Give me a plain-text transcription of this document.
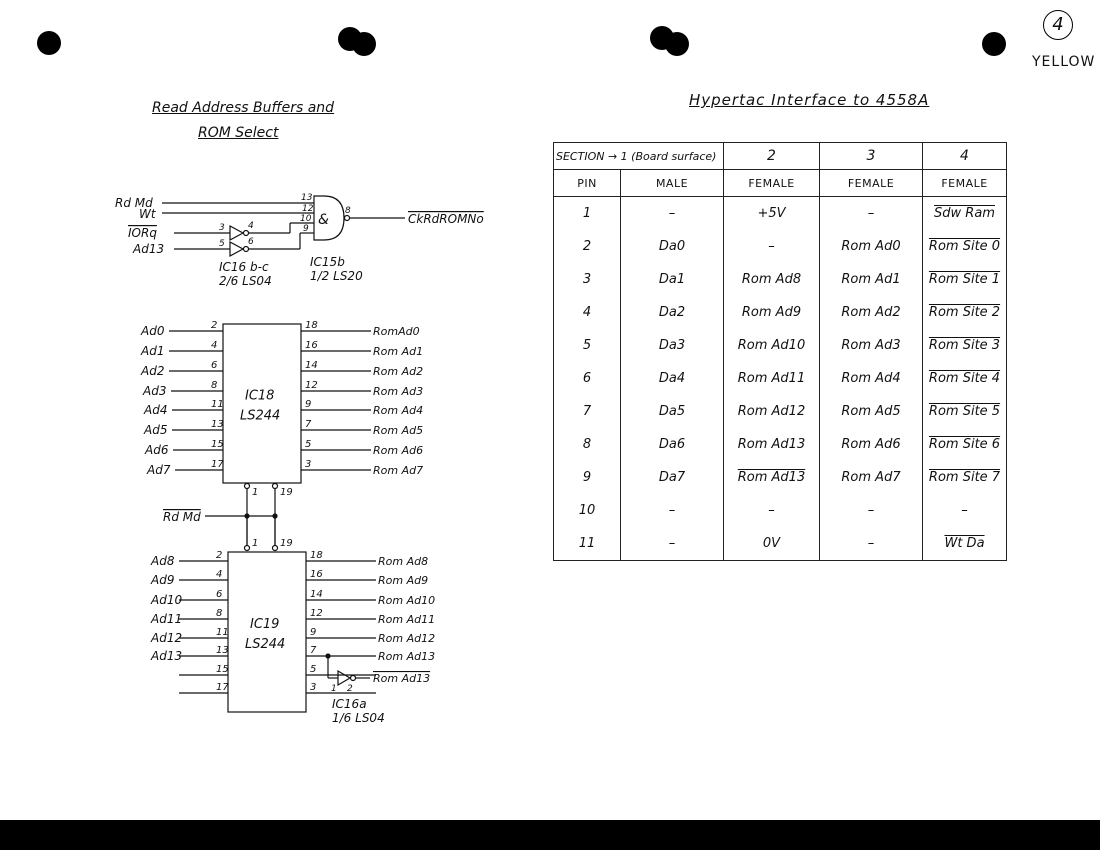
4
YELLOW
Read Address Buffers and
ROM Select
Hypertac Interface to 4558A
Rd Md
Wt
IORq
Ad13
&	CkRdROMNo
13
12
10
9
8
3	4
5	6
IC16 b-c
2/6 LS04
IC15b
1/2 LS20
IC18
LS244
Ad0	2	18	RomAd0
Ad1	4	16	Rom Ad1
Ad2	6	14	Rom Ad2
Ad3	8	12	Rom Ad3
Ad4	11	9	Rom Ad4
Ad5	13	7	Rom Ad5
Ad6	15	5	Rom Ad6
Ad7	17	3	Rom Ad7
1 19
Rd Md
1 19
IC19
LS244
Ad8	2	18	Rom Ad8
Ad9	4	16	Rom Ad9
Ad10	6	14	Rom Ad10
Ad11	8	12	Rom Ad11
Ad12	11	9	Rom Ad12
Ad13	13	7	Rom Ad13
15	5
17	3
Rom Ad13
1 2
IC16a
1/6 LS04
SECTION → 1 (Board surface)		2	3	4
PIN	MALE	FEMALE	FEMALE	FEMALE
1	–	+5V	–	Sdw Ram
2	Da0	–	Rom Ad0	Rom Site 0
3	Da1	Rom Ad8	Rom Ad1	Rom Site 1
4	Da2	Rom Ad9	Rom Ad2	Rom Site 2
5	Da3	Rom Ad10	Rom Ad3	Rom Site 3
6	Da4	Rom Ad11	Rom Ad4	Rom Site 4
7	Da5	Rom Ad12	Rom Ad5	Rom Site 5
8	Da6	Rom Ad13	Rom Ad6	Rom Site 6
9	Da7	Rom Ad13	Rom Ad7	Rom Site 7
10	–	–	–	–
11	–	0V	–	Wt Da
